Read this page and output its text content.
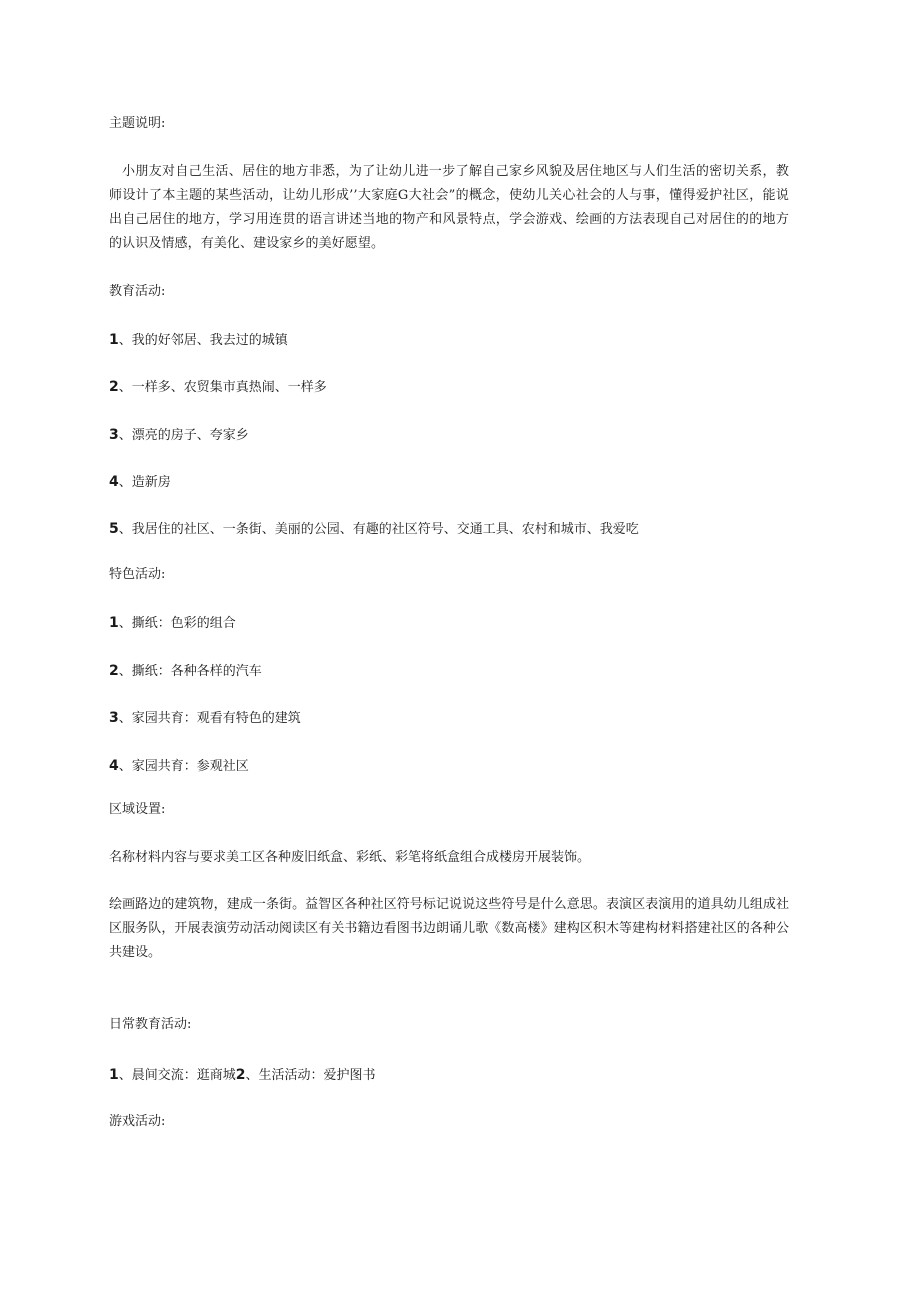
主题说明:

小朋友对自己生活、居住的地方非悉，为了让幼儿进一步了解自己家乡风貌及居住地区与人们生活的密切关系，教师设计了本主题的某些活动，让幼儿形成’’大家庭G大社会”的概念，使幼儿关心社会的人与事，懂得爱护社区，能说出自己居住的地方，学习用连贯的语言讲述当地的物产和风景特点，学会游戏、绘画的方法表现自己对居住的的地方的认识及情感，有美化、建设家乡的美好愿望。

教育活动:

1、我的好邻居、我去过的城镇

2、一样多、农贸集市真热闹、一样多

3、漂亮的房子、夸家乡

4、造新房

5、我居住的社区、一条街、美丽的公园、有趣的社区符号、交通工具、农村和城市、我爱吃

特色活动:

1、撕纸：色彩的组合

2、撕纸：各种各样的汽车

3、家园共育：观看有特色的建筑

4、家园共育：参观社区

区域设置:

名称材料内容与要求美工区各种废旧纸盒、彩纸、彩笔将纸盒组合成楼房开展装饰。

绘画路边的建筑物，建成一条街。益智区各种社区符号标记说说这些符号是什么意思。表演区表演用的道具幼儿组成社区服务队，开展表演劳动活动阅读区有关书籍边看图书边朗诵儿歌《数高楼》建构区积木等建构材料搭建社区的各种公共建设。

日常教育活动:

1、晨间交流：逛商城2、生活活动：爱护图书

游戏活动:
